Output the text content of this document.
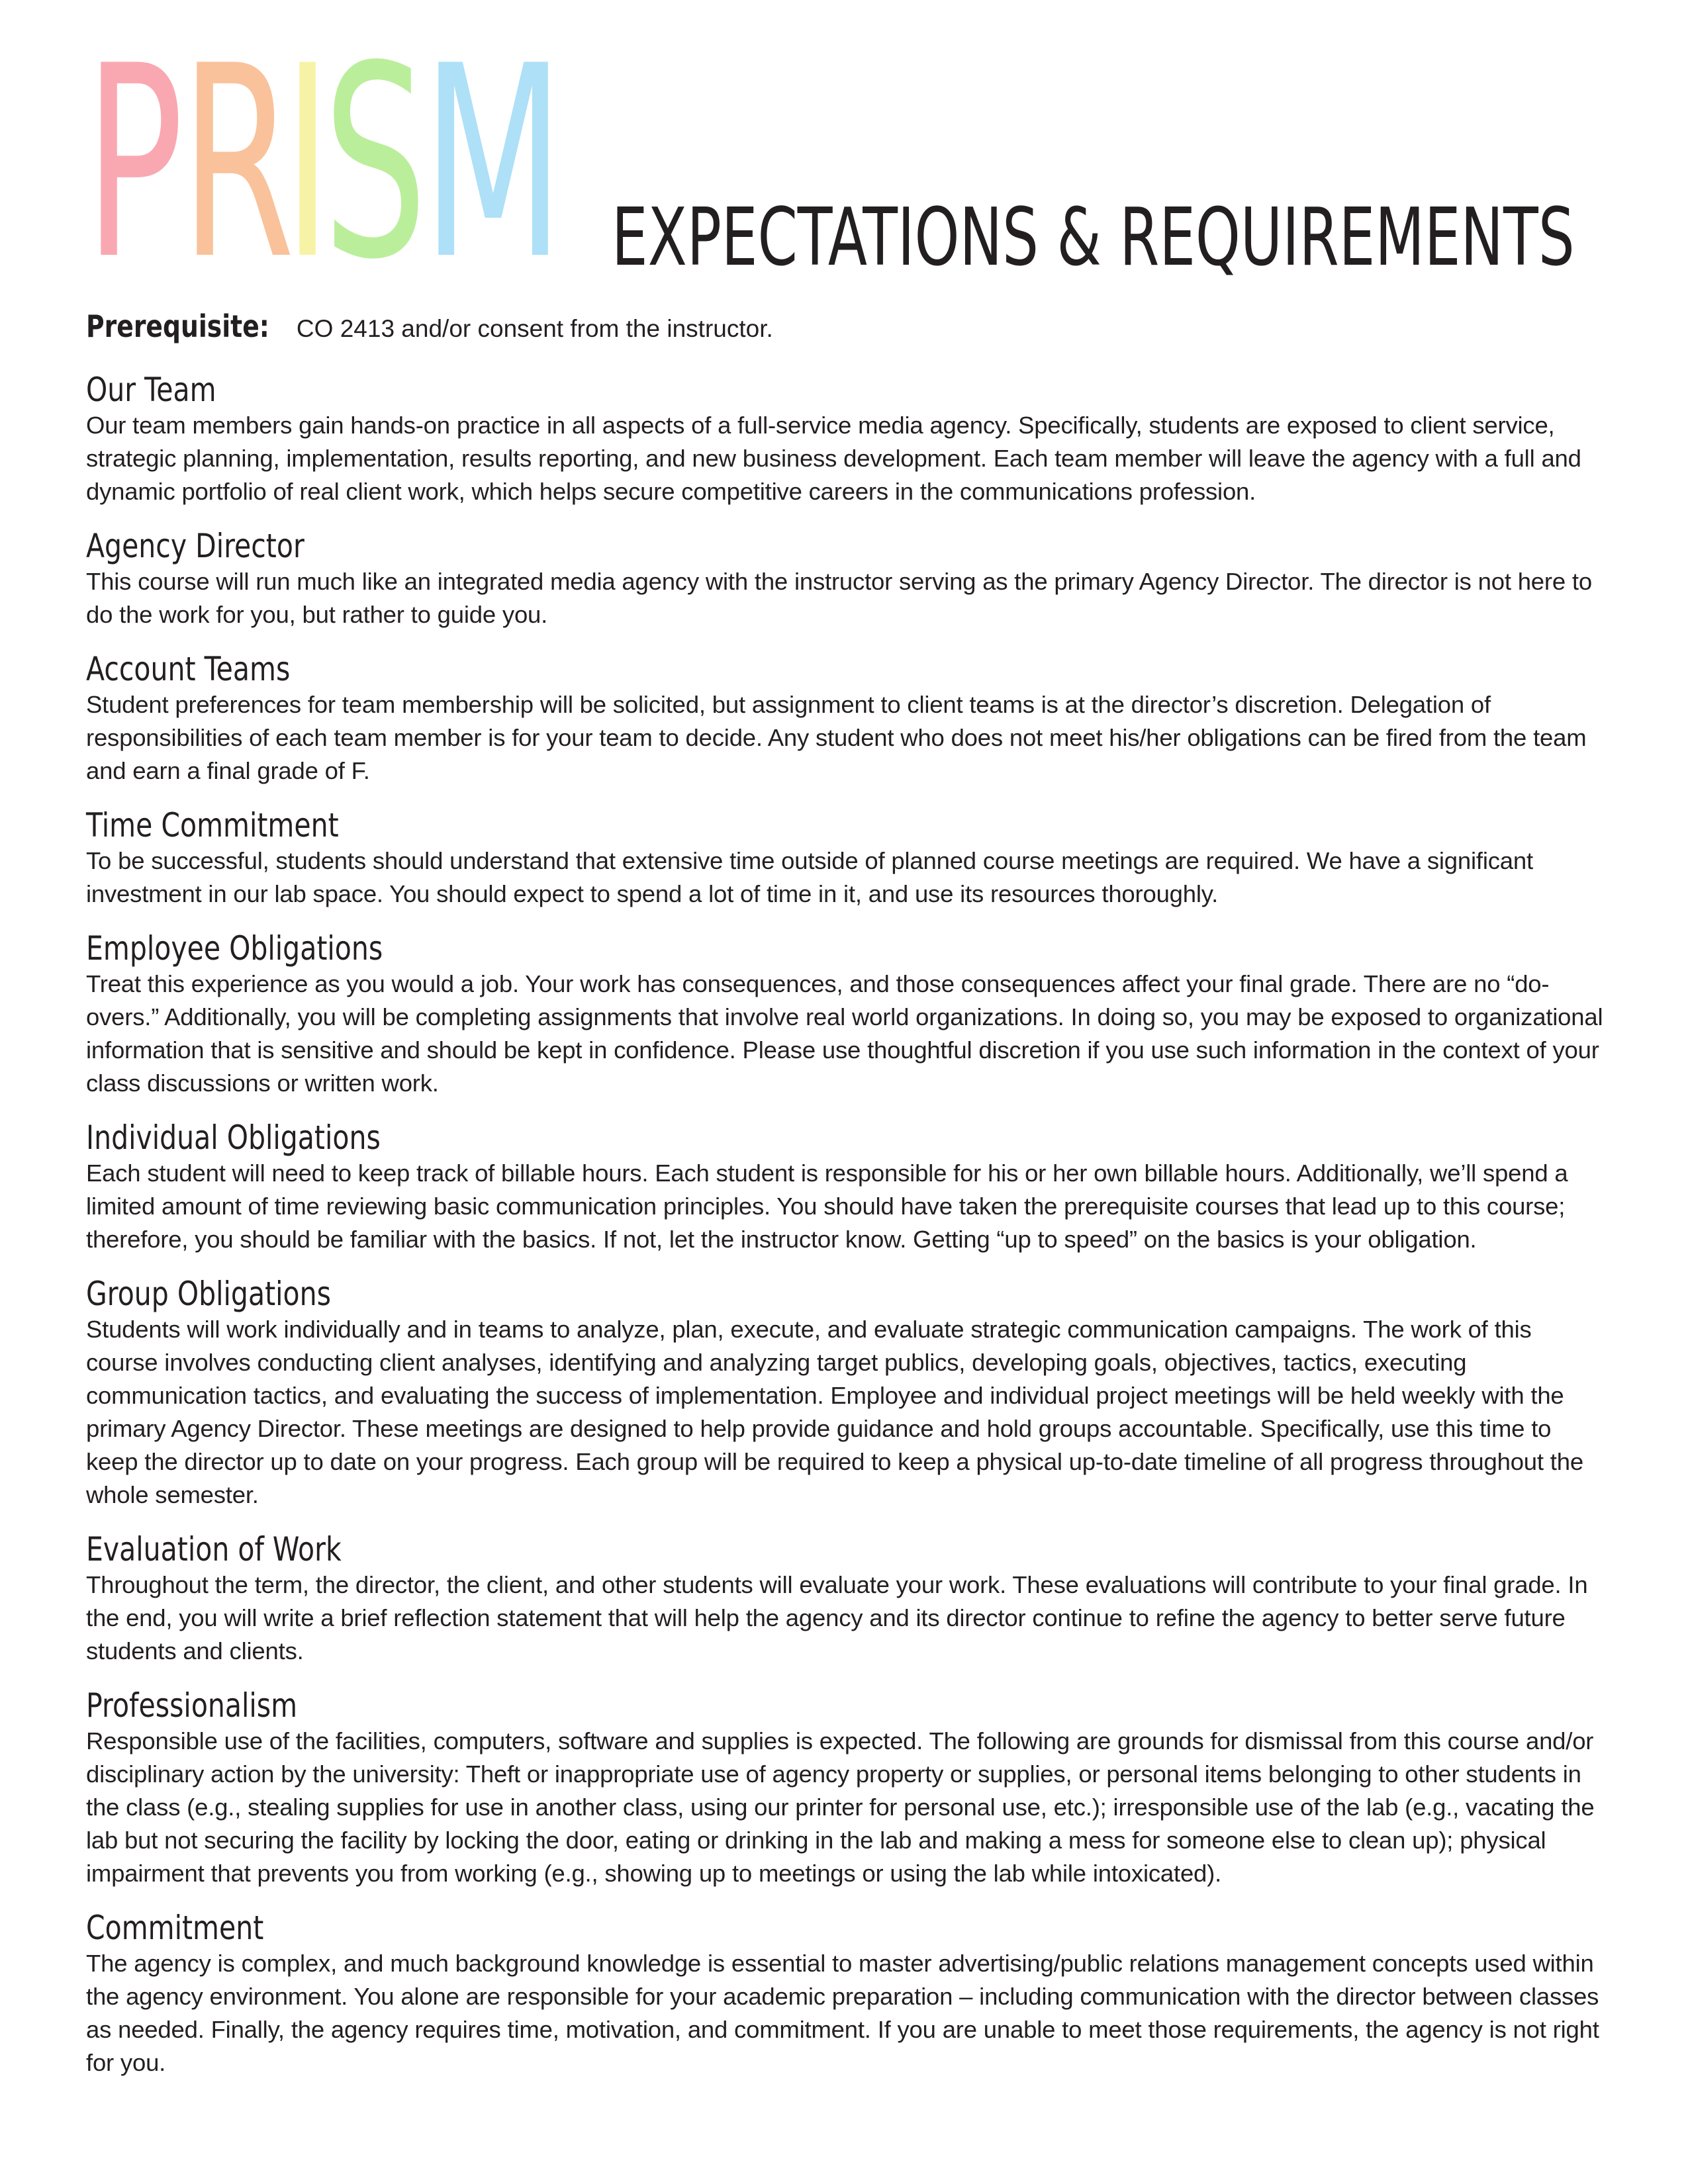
P
R
I
S
M EXPECTATIONS & REQUIREMENTS

Prerequisite: CO 2413 and/or consent from the instructor.

Our Team

Our team members gain hands-on practice in all aspects of a full-service media agency. Specifically, students are exposed to client service, strategic planning, implementation, results reporting, and new business development. Each team member will leave the agency with a full and dynamic portfolio of real client work, which helps secure competitive careers in the communications profession.

Agency Director

This course will run much like an integrated media agency with the instructor serving as the primary Agency Director. The director is not here to do the work for you, but rather to guide you.

Account Teams

Student preferences for team membership will be solicited, but assignment to client teams is at the director’s discretion. Delegation of responsibilities of each team member is for your team to decide. Any student who does not meet his/her obligations can be fired from the team and earn a final grade of F.

Time Commitment

To be successful, students should understand that extensive time outside of planned course meetings are required. We have a significant investment in our lab space. You should expect to spend a lot of time in it, and use its resources thoroughly.

Employee Obligations

Treat this experience as you would a job. Your work has consequences, and those consequences affect your final grade. There are no “do-overs.” Additionally, you will be completing assignments that involve real world organizations. In doing so, you may be exposed to organizational information that is sensitive and should be kept in confidence. Please use thoughtful discretion if you use such information in the context of your class discussions or written work.

Individual Obligations

Each student will need to keep track of billable hours. Each student is responsible for his or her own billable hours. Additionally, we’ll spend a limited amount of time reviewing basic communication principles. You should have taken the prerequisite courses that lead up to this course; therefore, you should be familiar with the basics. If not, let the instructor know. Getting “up to speed” on the basics is your obligation.

Group Obligations

Students will work individually and in teams to analyze, plan, execute, and evaluate strategic communication campaigns. The work of this course involves conducting client analyses, identifying and analyzing target publics, developing goals, objectives, tactics, executing communication tactics, and evaluating the success of implementation. Employee and individual project meetings will be held weekly with the primary Agency Director. These meetings are designed to help provide guidance and hold groups accountable. Specifically, use this time to keep the director up to date on your progress. Each group will be required to keep a physical up-to-date timeline of all progress throughout the whole semester.

Evaluation of Work

Throughout the term, the director, the client, and other students will evaluate your work. These evaluations will contribute to your final grade. In the end, you will write a brief reflection statement that will help the agency and its director continue to refine the agency to better serve future students and clients.

Professionalism

Responsible use of the facilities, computers, software and supplies is expected. The following are grounds for dismissal from this course and/or disciplinary action by the university: Theft or inappropriate use of agency property or supplies, or personal items belonging to other students in the class (e.g., stealing supplies for use in another class, using our printer for personal use, etc.); irresponsible use of the lab (e.g., vacating the lab but not securing the facility by locking the door, eating or drinking in the lab and making a mess for someone else to clean up); physical impairment that prevents you from working (e.g., showing up to meetings or using the lab while intoxicated).

Commitment

The agency is complex, and much background knowledge is essential to master advertising/public relations management concepts used within the agency environment. You alone are responsible for your academic preparation – including communication with the director between classes as needed. Finally, the agency requires time, motivation, and commitment. If you are unable to meet those requirements, the agency is not right for you.
